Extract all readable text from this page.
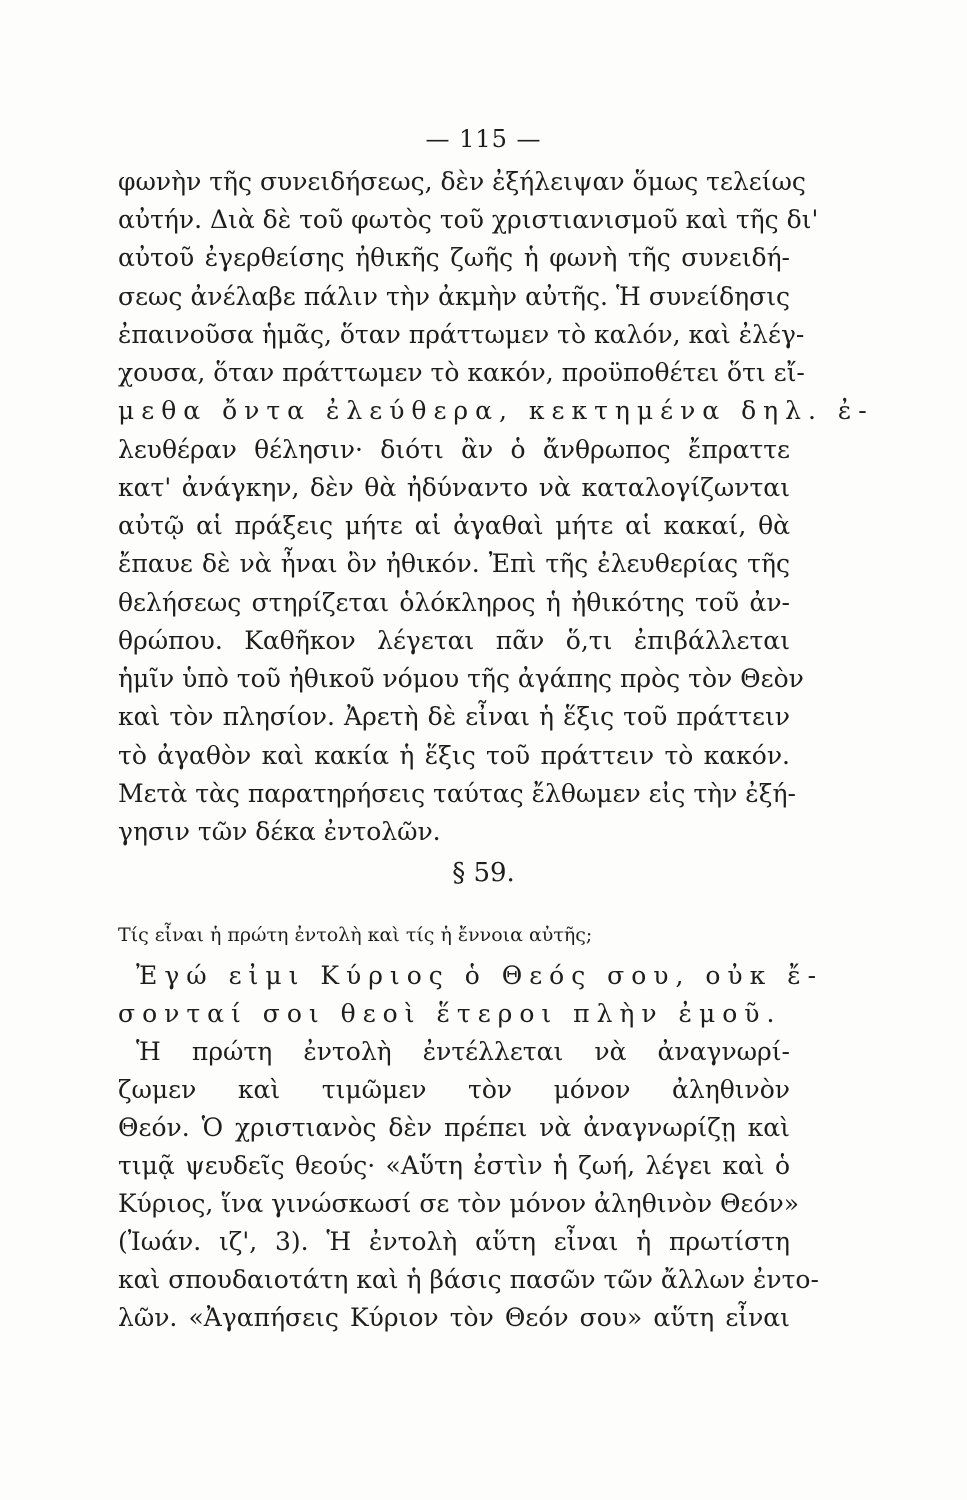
— 115 —
φωνὴν τῆς συνειδήσεως, δὲν ἐξήλειψαν ὅμως τελείως
αὐτήν. Διὰ δὲ τοῦ φωτὸς τοῦ χριστιανισμοῦ καὶ τῆς δι'
αὐτοῦ ἐγερθείσης ἠθικῆς ζωῆς ἡ φωνὴ τῆς συνειδή-
σεως ἀνέλαβε πάλιν τὴν ἀκμὴν αὐτῆς. Ἡ συνείδησις
ἐπαινοῦσα ἡμᾶς, ὅταν πράττωμεν τὸ καλόν, καὶ ἐλέγ-
χουσα, ὅταν πράττωμεν τὸ κακόν, προϋποθέτει ὅτι εἴ-
μεθα ὄντα ἐλεύθερα, κεκτημένα δηλ. ἐ-
λευθέραν θέλησιν· διότι ἂν ὁ ἄνθρωπος ἔπραττε
κατ' ἀνάγκην, δὲν θὰ ἠδύναντο νὰ καταλογίζωνται
αὐτῷ αἱ πράξεις μήτε αἱ ἀγαθαὶ μήτε αἱ κακαί, θὰ
ἔπαυε δὲ νὰ ἦναι ὂν ἠθικόν. Ἐπὶ τῆς ἐλευθερίας τῆς
θελήσεως στηρίζεται ὁλόκληρος ἡ ἠθικότης τοῦ ἀν-
θρώπου. Καθῆκον λέγεται πᾶν ὅ,τι ἐπιβάλλεται
ἡμῖν ὑπὸ τοῦ ἠθικοῦ νόμου τῆς ἀγάπης πρὸς τὸν Θεὸν
καὶ τὸν πλησίον. Ἀρετὴ δὲ εἶναι ἡ ἕξις τοῦ πράττειν
τὸ ἀγαθὸν καὶ κακία ἡ ἕξις τοῦ πράττειν τὸ κακόν.
Μετὰ τὰς παρατηρήσεις ταύτας ἔλθωμεν εἰς τὴν ἐξή-
γησιν τῶν δέκα ἐντολῶν.
§ 59.
Τίς εἶναι ἡ πρώτη ἐντολὴ καὶ τίς ἡ ἔννοια αὐτῆς;
Ἐγώ εἰμι Κύριος ὁ Θεός σου, οὐκ ἔ-
σονταί σοι θεοὶ ἕτεροι πλὴν ἐμοῦ.
Ἡ πρώτη ἐντολὴ ἐντέλλεται νὰ ἀναγνωρί-
ζωμεν καὶ τιμῶμεν τὸν μόνον ἀληθινὸν
Θεόν. Ὁ χριστιανὸς δὲν πρέπει νὰ ἀναγνωρίζῃ καὶ
τιμᾷ ψευδεῖς θεούς· «Αὕτη ἐστὶν ἡ ζωή, λέγει καὶ ὁ
Κύριος, ἵνα γινώσκωσί σε τὸν μόνον ἀληθινὸν Θεόν»
(Ἰωάν. ιζ', 3). Ἡ ἐντολὴ αὕτη εἶναι ἡ πρωτίστη
καὶ σπουδαιοτάτη καὶ ἡ βάσις πασῶν τῶν ἄλλων ἐντο-
λῶν. «Ἀγαπήσεις Κύριον τὸν Θεόν σου» αὕτη εἶναι
